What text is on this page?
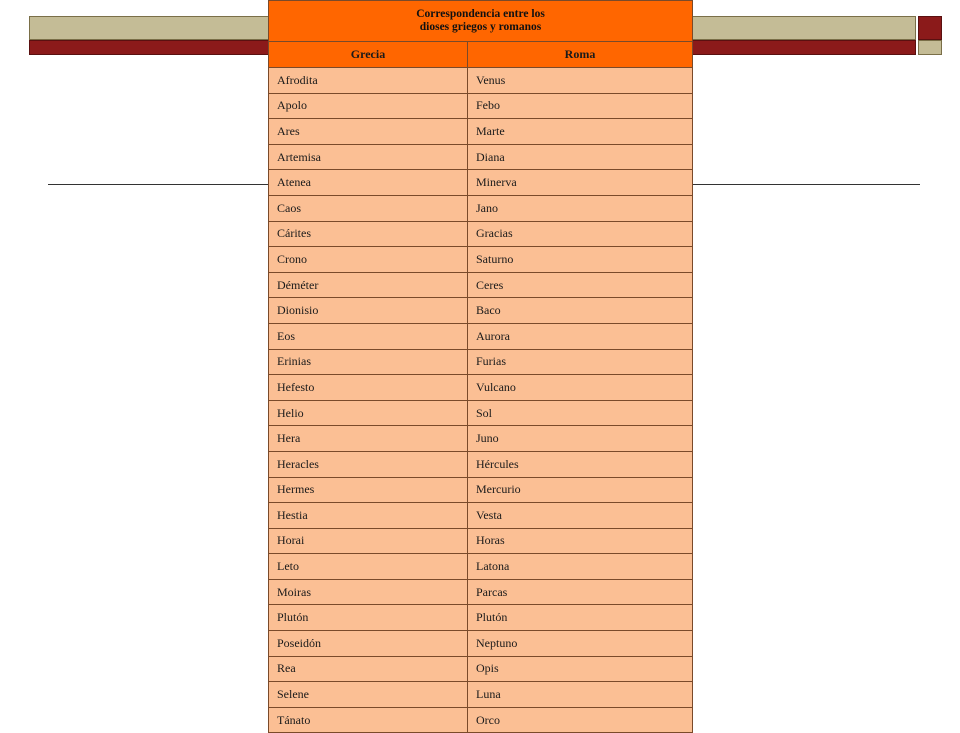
Correspondencia entre los
dioses griegos y romanos	
Grecia	Roma
Afrodita	Venus
Apolo	Febo
Ares	Marte
Artemisa	Diana
Atenea	Minerva
Caos	Jano
Cárites	Gracias
Crono	Saturno
Déméter	Ceres
Dionisio	Baco
Eos	Aurora
Erinias	Furias
Hefesto	Vulcano
Helio	Sol
Hera	Juno
Heracles	Hércules
Hermes	Mercurio
Hestia	Vesta
Horai	Horas
Leto	Latona
Moiras	Parcas
Plutón	Plutón
Poseidón	Neptuno
Rea	Opis
Selene	Luna
Tánato	Orco
